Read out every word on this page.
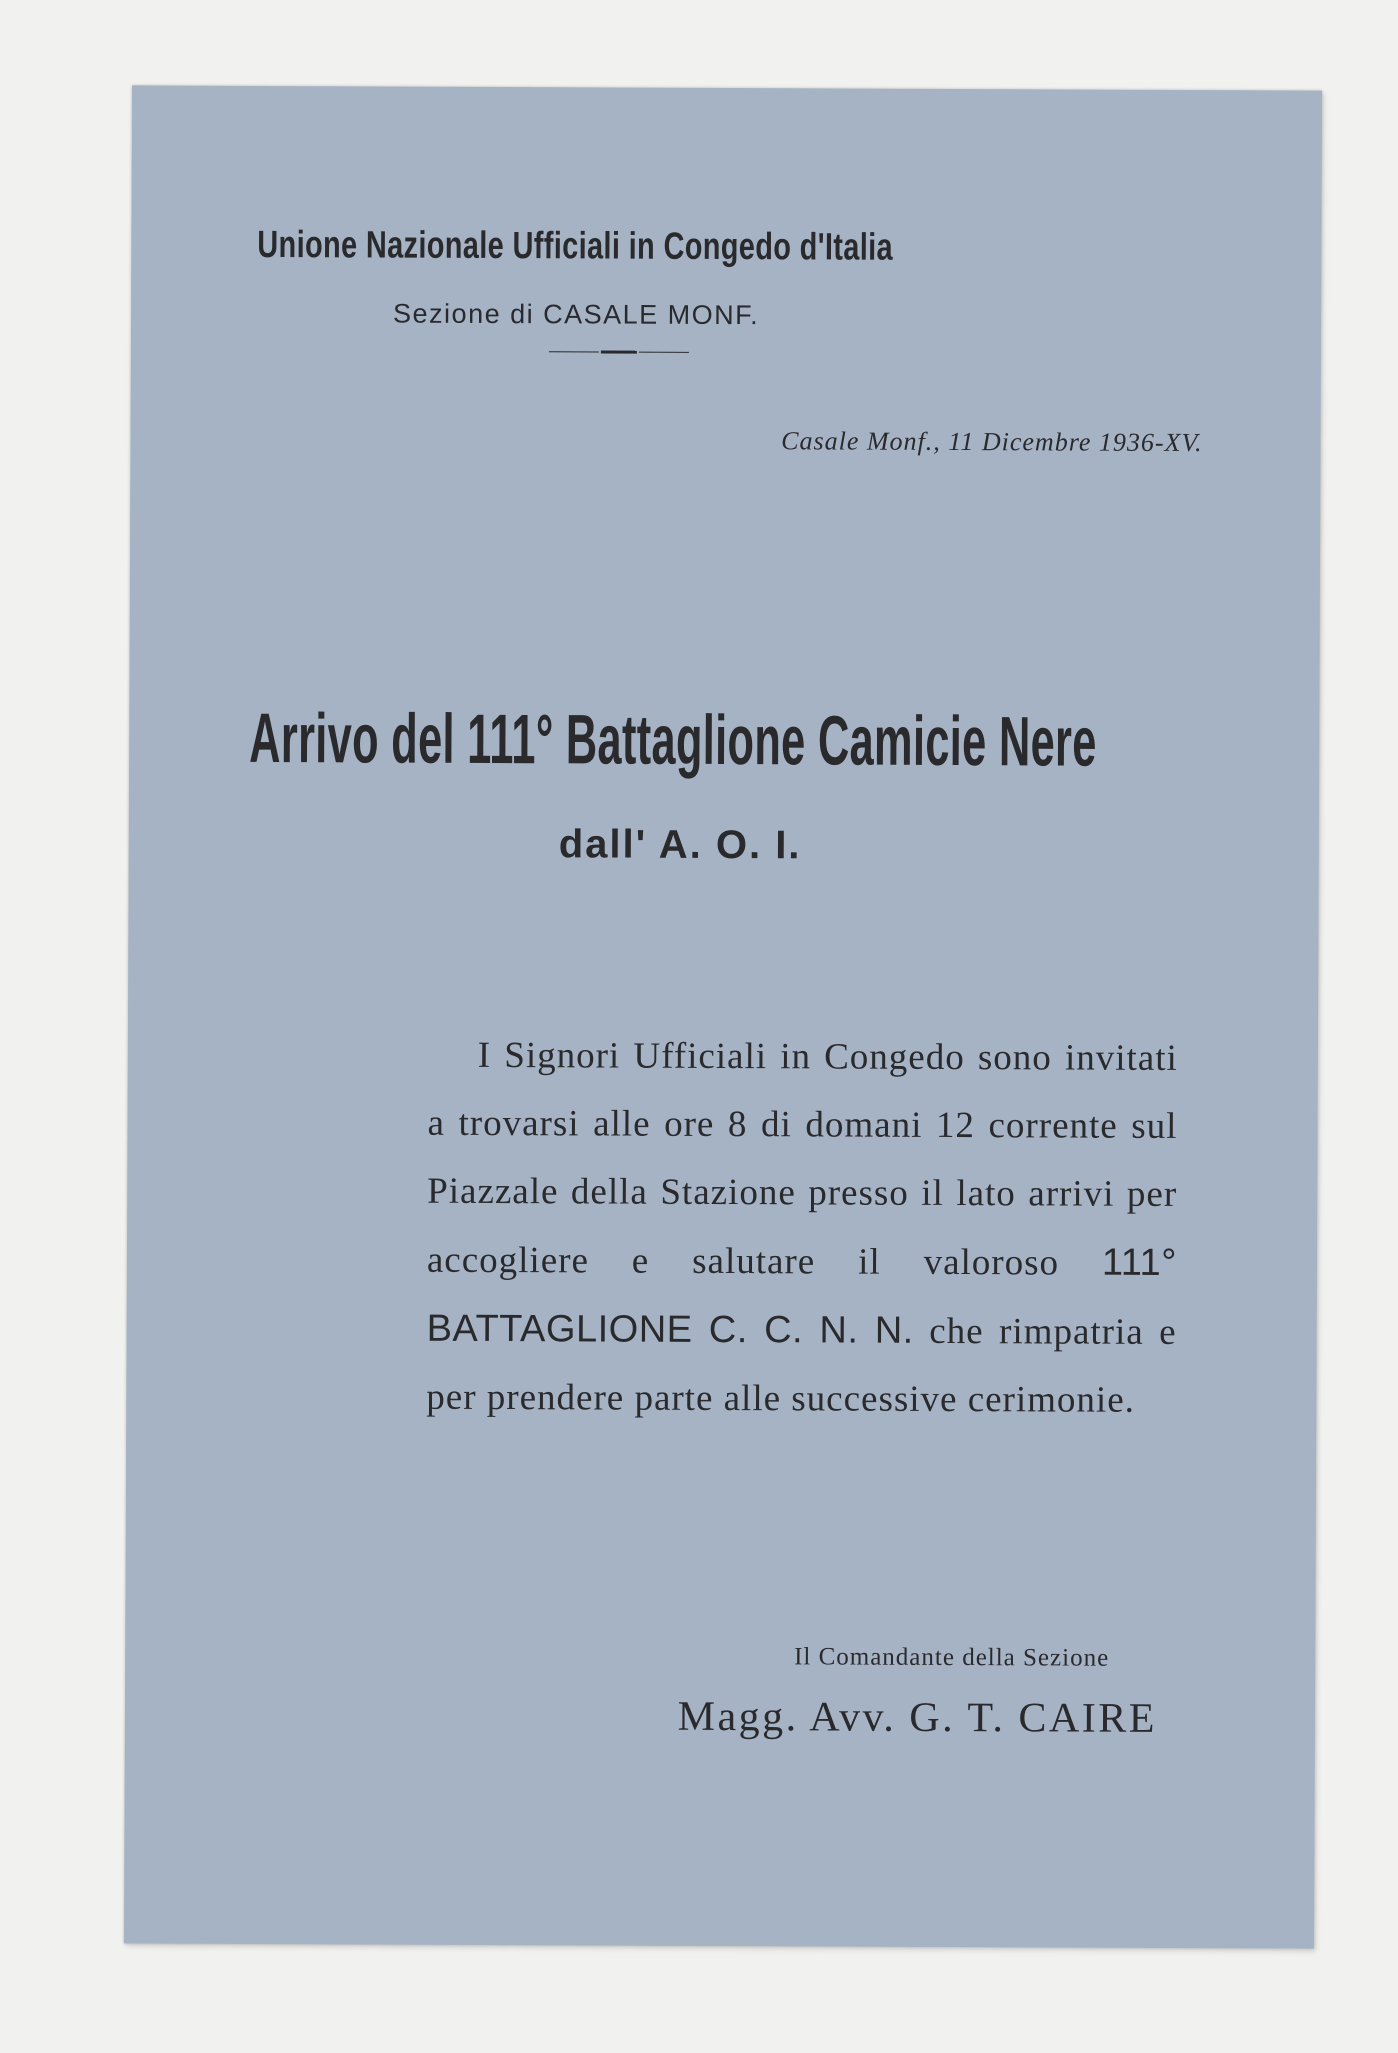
Unione Nazionale Ufficiali in Congedo d'Italia
Sezione di CASALE MONF.
Casale Monf., 11 Dicembre 1936-XV.
Arrivo del 111° Battaglione Camicie Nere
dall' A. O. I.
I Signori Ufficiali in Congedo sono invitati a trovarsi alle ore 8 di domani 12 corrente sul Piazzale della Stazione presso il lato arrivi per accogliere e salutare il valoroso 111° BATTAGLIONE C. C. N. N. che rimpatria e per prendere parte alle successive cerimonie.
Il Comandante della Sezione
Magg. Avv. G. T. CAIRE
